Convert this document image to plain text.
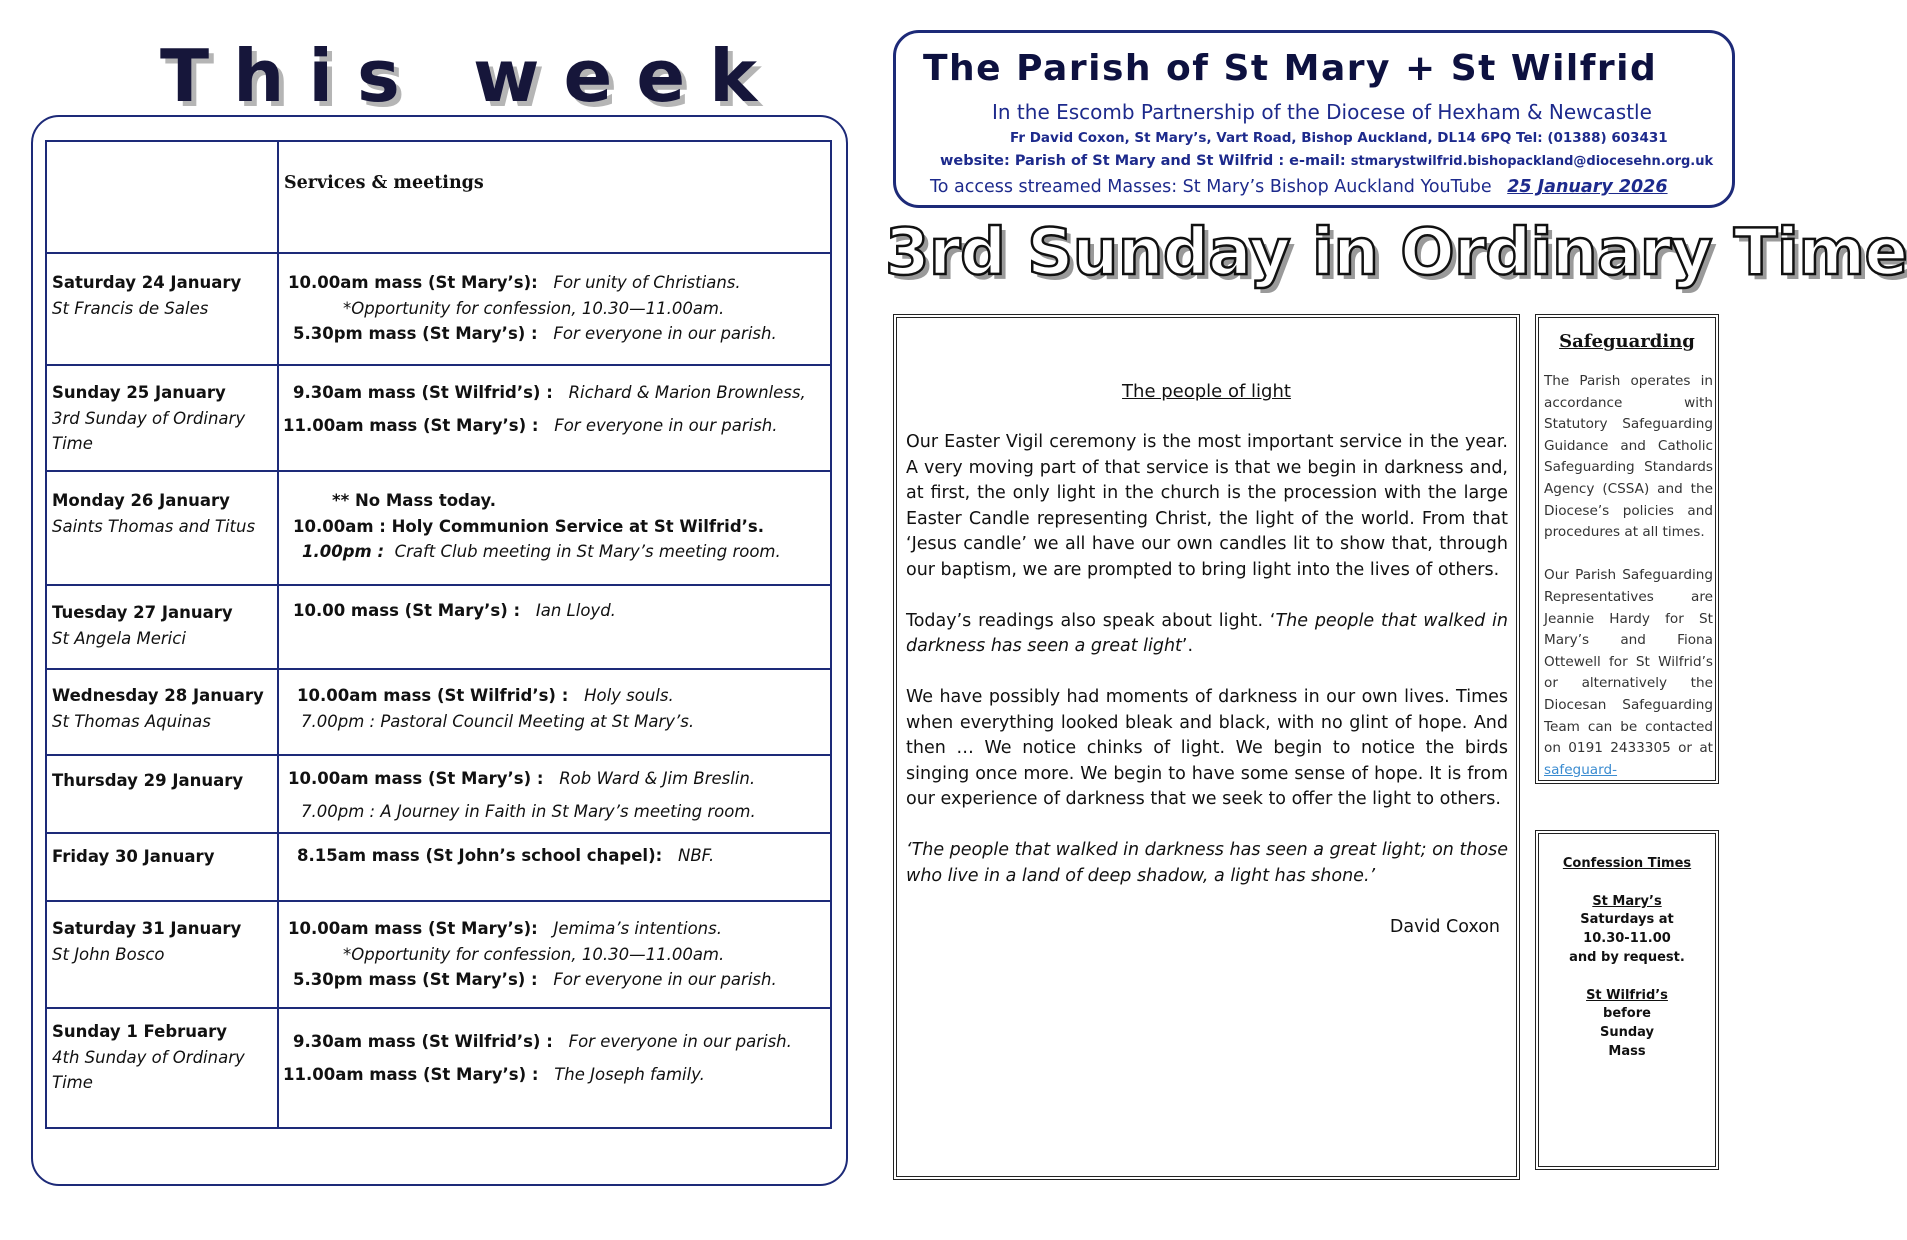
This week
Services & meetings
Saturday 24 January
St Francis de Sales
10.00am mass (St Mary’s): For unity of Christians.
*Opportunity for confession, 10.30—11.00am.
5.30pm mass (St Mary’s) : For everyone in our parish.
Sunday 25 January
3rd Sunday of Ordinary Time
9.30am mass (St Wilfrid’s) : Richard & Marion Brownless,
11.00am mass (St Mary’s) : For everyone in our parish.
Monday 26 January
Saints Thomas and Titus
** No Mass today.
10.00am : Holy Communion Service at St Wilfrid’s.
1.00pm : Craft Club meeting in St Mary’s meeting room.
Tuesday 27 January
St Angela Merici
10.00 mass (St Mary’s) : Ian Lloyd.
Wednesday 28 January
St Thomas Aquinas
10.00am mass (St Wilfrid’s) : Holy souls.
7.00pm : Pastoral Council Meeting at St Mary’s.
Thursday 29 January	10.00am mass (St Mary’s) : Rob Ward & Jim Breslin.
7.00pm : A Journey in Faith in St Mary’s meeting room.
Friday 30 January	8.15am mass (St John’s school chapel): NBF.
Saturday 31 January
St John Bosco
10.00am mass (St Mary’s): Jemima’s intentions.
*Opportunity for confession, 10.30—11.00am.
5.30pm mass (St Mary’s) : For everyone in our parish.
Sunday 1 February
4th Sunday of Ordinary Time
9.30am mass (St Wilfrid’s) : For everyone in our parish.
11.00am mass (St Mary’s) : The Joseph family.
The Parish of St Mary + St Wilfrid
In the Escomb Partnership of the Diocese of Hexham & Newcastle
Fr David Coxon, St Mary’s, Vart Road, Bishop Auckland, DL14 6PQ Tel: (01388) 603431
website: Parish of St Mary and St Wilfrid : e-mail: stmarystwilfrid.bishopackland@diocesehn.org.uk
To access streamed Masses: St Mary’s Bishop Auckland YouTube 25 January 2026
3rd Sunday in Ordinary Time
The people of light

Our Easter Vigil ceremony is the most important service in the year. A very moving part of that service is that we begin in darkness and, at first, the only light in the church is the procession with the large Easter Candle representing Christ, the light of the world. From that ‘Jesus candle’ we all have our own candles lit to show that, through our baptism, we are prompted to bring light into the lives of others.

Today’s readings also speak about light. ‘The people that walked in darkness has seen a great light’.

We have possibly had moments of darkness in our own lives. Times when everything looked bleak and black, with no glint of hope. And then … We notice chinks of light. We begin to notice the birds singing once more. We begin to have some sense of hope. It is from our experience of darkness that we seek to offer the light to others.

‘The people that walked in darkness has seen a great light; on those who live in a land of deep shadow, a light has shone.’

David Coxon
Safeguarding

The Parish operates in accordance with Statutory Safeguarding Guidance and Catholic Safeguarding Standards Agency (CSSA) and the Diocese’s policies and procedures at all times.

Our Parish Safeguarding Representatives are Jeannie Hardy for St Mary’s and Fiona Ottewell for St Wilfrid’s or alternatively the Diocesan Safeguarding Team can be contacted on 0191 2433305 or at safeguard-

Confession Times
St Mary’s
Saturdays at
10.30-11.00
and by request.
St Wilfrid’s
before
Sunday
Mass
